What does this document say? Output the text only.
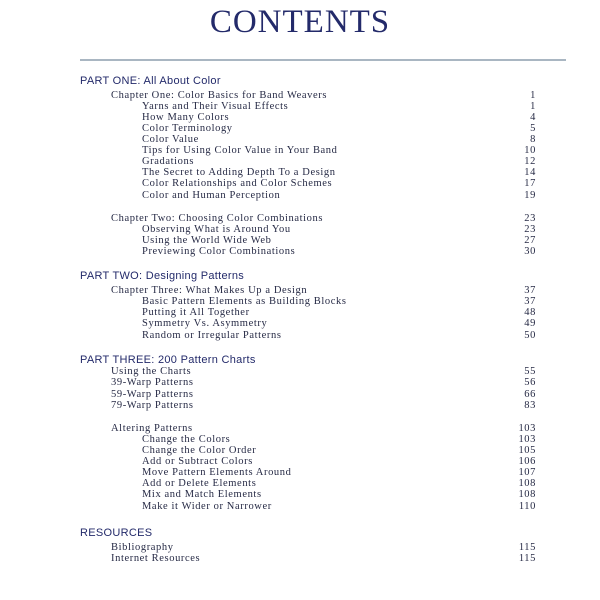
CONTENTS
PART ONE: All About Color
Chapter One: Color Basics for Band Weavers	1
Yarns and Their Visual Effects	1
How Many Colors	4
Color Terminology	5
Color Value	8
Tips for Using Color Value in Your Band	10
Gradations	12
The Secret to Adding Depth To a Design	14
Color Relationships and Color Schemes	17
Color and Human Perception	19
Chapter Two: Choosing Color Combinations	23
Observing What is Around You	23
Using the World Wide Web	27
Previewing Color Combinations	30
PART TWO: Designing Patterns
Chapter Three: What Makes Up a Design	37
Basic Pattern Elements as Building Blocks	37
Putting it All Together	48
Symmetry Vs. Asymmetry	49
Random or Irregular Patterns	50
PART THREE: 200 Pattern Charts
Using the Charts	55
39-Warp Patterns	56
59-Warp Patterns	66
79-Warp Patterns	83
Altering Patterns	103
Change the Colors	103
Change the Color Order	105
Add or Subtract Colors	106
Move Pattern Elements Around	107
Add or Delete Elements	108
Mix and Match Elements	108
Make it Wider or Narrower	110
RESOURCES
Bibliography	115
Internet Resources	115
